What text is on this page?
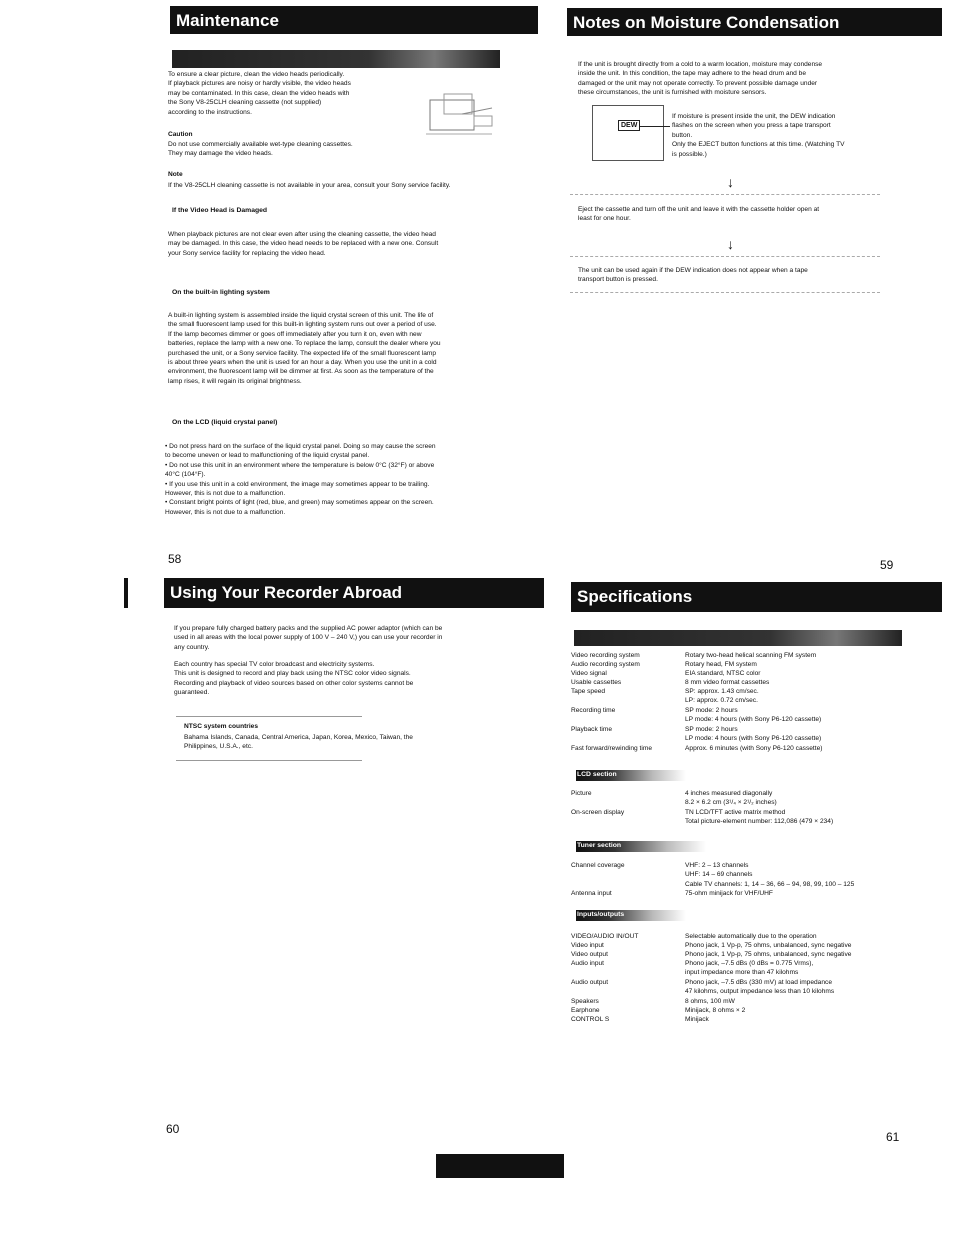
Maintenance
To ensure a clear picture, clean the video heads periodically.
If playback pictures are noisy or hardly visible, the video heads
may be contaminated. In this case, clean the video heads with
the Sony V8-25CLH cleaning cassette (not supplied)
according to the instructions.
Caution
Do not use commercially available wet-type cleaning cassettes.
They may damage the video heads.
Note
If the V8-25CLH cleaning cassette is not available in your area, consult your Sony service facility.
If the Video Head is Damaged
When playback pictures are not clear even after using the cleaning cassette, the video head
may be damaged. In this case, the video head needs to be replaced with a new one. Consult
your Sony service facility for replacing the video head.
On the built-in lighting system
A built-in lighting system is assembled inside the liquid crystal screen of this unit. The life of
the small fluorescent lamp used for this built-in lighting system runs out over a period of use.
If the lamp becomes dimmer or goes off immediately after you turn it on, even with new
batteries, replace the lamp with a new one. To replace the lamp, consult the dealer where you
purchased the unit, or a Sony service facility. The expected life of the small fluorescent lamp
is about three years when the unit is used for an hour a day. When you use the unit in a cold
environment, the fluorescent lamp will be dimmer at first. As soon as the temperature of the
lamp rises, it will regain its original brightness.
On the LCD (liquid crystal panel)
• Do not press hard on the surface of the liquid crystal panel. Doing so may cause the screen
to become uneven or lead to malfunctioning of the liquid crystal panel.
• Do not use this unit in an environment where the temperature is below 0°C (32°F) or above
40°C (104°F).
• If you use this unit in a cold environment, the image may sometimes appear to be trailing.
However, this is not due to a malfunction.
• Constant bright points of light (red, blue, and green) may sometimes appear on the screen.
However, this is not due to a malfunction.
58
Notes on Moisture Condensation
If the unit is brought directly from a cold to a warm location, moisture may condense
inside the unit. In this condition, the tape may adhere to the head drum and be
damaged or the unit may not operate correctly. To prevent possible damage under
these circumstances, the unit is furnished with moisture sensors.
DEW
If moisture is present inside the unit, the DEW indication
flashes on the screen when you press a tape transport
button.
Only the EJECT button functions at this time. (Watching TV
is possible.)
↓
Eject the cassette and turn off the unit and leave it with the cassette holder open at
least for one hour.
↓
The unit can be used again if the DEW indication does not appear when a tape
transport button is pressed.
59
Using Your Recorder Abroad
If you prepare fully charged battery packs and the supplied AC power adaptor (which can be
used in all areas with the local power supply of 100 V – 240 V,) you can use your recorder in
any country.
Each country has special TV color broadcast and electricity systems.
This unit is designed to record and play back using the NTSC color video signals.
Recording and playback of video sources based on other color systems cannot be
guaranteed.
NTSC system countries
Bahama Islands, Canada, Central America, Japan, Korea, Mexico, Taiwan, the
Philippines, U.S.A., etc.
60
Specifications
Video recording system	Rotary two-head helical scanning FM system
Audio recording system	Rotary head, FM system
Video signal	EIA standard, NTSC color
Usable cassettes	8 mm video format cassettes
Tape speed	SP: approx. 1.43 cm/sec.
LP: approx. 0.72 cm/sec.
Recording time	SP mode: 2 hours
LP mode: 4 hours (with Sony P6-120 cassette)
Playback time	SP mode: 2 hours
LP mode: 4 hours (with Sony P6-120 cassette)
Fast forward/rewinding time	Approx. 6 minutes (with Sony P6-120 cassette)
LCD section
Picture	4 inches measured diagonally
8.2 × 6.2 cm (3¹/₄ × 2¹/₂ inches)
On-screen display	TN LCD/TFT active matrix method
Total picture-element number: 112,086 (479 × 234)
Tuner section
Channel coverage	VHF: 2 – 13 channels
UHF: 14 – 69 channels
Cable TV channels: 1, 14 – 36, 66 – 94, 98, 99, 100 – 125
Antenna input	75-ohm minijack for VHF/UHF
Inputs/outputs
VIDEO/AUDIO IN/OUT	Selectable automatically due to the operation
Video input	Phono jack, 1 Vp-p, 75 ohms, unbalanced, sync negative
Video output	Phono jack, 1 Vp-p, 75 ohms, unbalanced, sync negative
Audio input	Phono jack, –7.5 dBs (0 dBs = 0.775 Vrms),
input impedance more than 47 kilohms
Audio output	Phono jack, –7.5 dBs (330 mV) at load impedance
47 kilohms, output impedance less than 10 kilohms
Speakers	8 ohms, 100 mW
Earphone	Minijack, 8 ohms × 2
CONTROL S	Minijack
61
